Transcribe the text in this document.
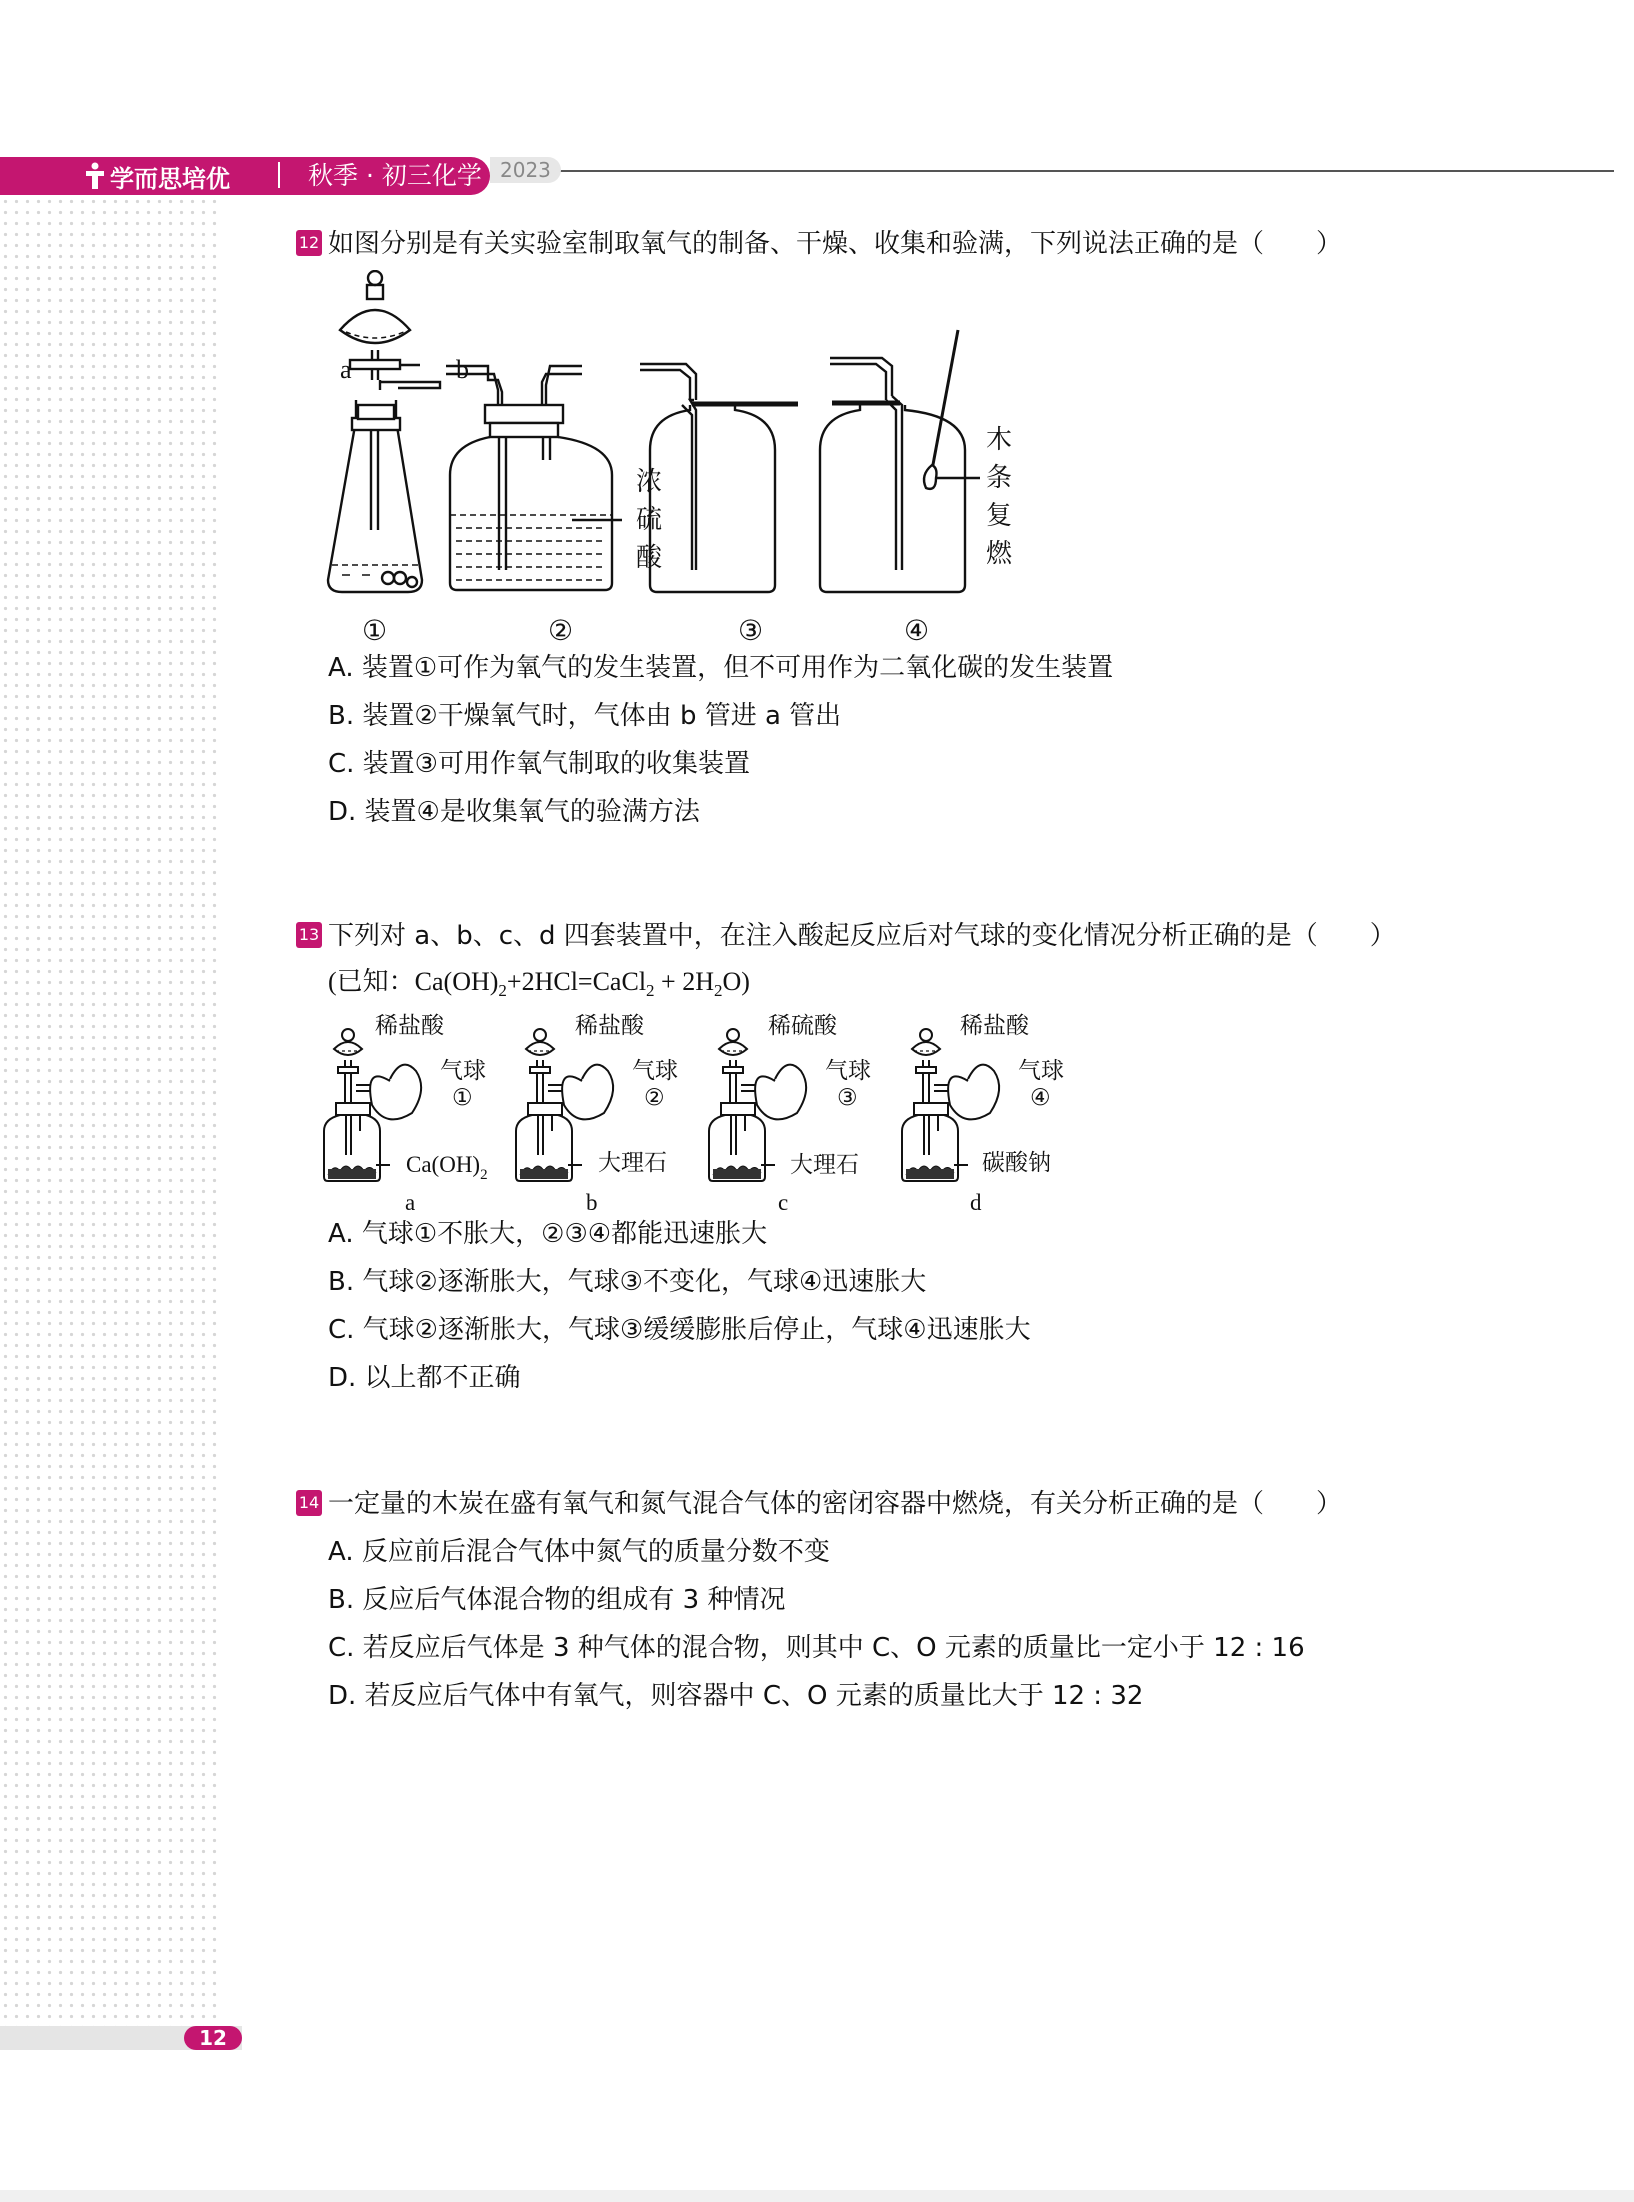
学而思培优	秋季 · 初三化学 2023
12 如图分别是有关实验室制取氧气的制备、干燥、收集和验满，下列说法正确的是（　　）
a	b
浓
硫
酸
木
条
复
燃
①	②	③	④
A. 装置①可作为氧气的发生装置，但不可用作为二氧化碳的发生装置
B. 装置②干燥氧气时，气体由 b 管进 a 管出
C. 装置③可用作氧气制取的收集装置
D. 装置④是收集氧气的验满方法
13 下列对 a、b、c、d 四套装置中，在注入酸起反应后对气球的变化情况分析正确的是（　　）
(已知：$Ca(OH)_2+2HCl=CaCl_2 + 2H_2O$)
稀盐酸	稀盐酸	稀硫酸	稀盐酸
气球	气球	气球	气球
①	②	③	④
$Ca(OH)_2$	大理石	大理石	碳酸钠
a	b	c	d
A. 气球①不胀大，②③④都能迅速胀大
B. 气球②逐渐胀大，气球③不变化，气球④迅速胀大
C. 气球②逐渐胀大，气球③缓缓膨胀后停止，气球④迅速胀大
D. 以上都不正确
14 一定量的木炭在盛有氧气和氮气混合气体的密闭容器中燃烧，有关分析正确的是（　　）
A. 反应前后混合气体中氮气的质量分数不变
B. 反应后气体混合物的组成有 3 种情况
C. 若反应后气体是 3 种气体的混合物，则其中 C、O 元素的质量比一定小于 12 : 16
D. 若反应后气体中有氧气，则容器中 C、O 元素的质量比大于 12 : 32
12
